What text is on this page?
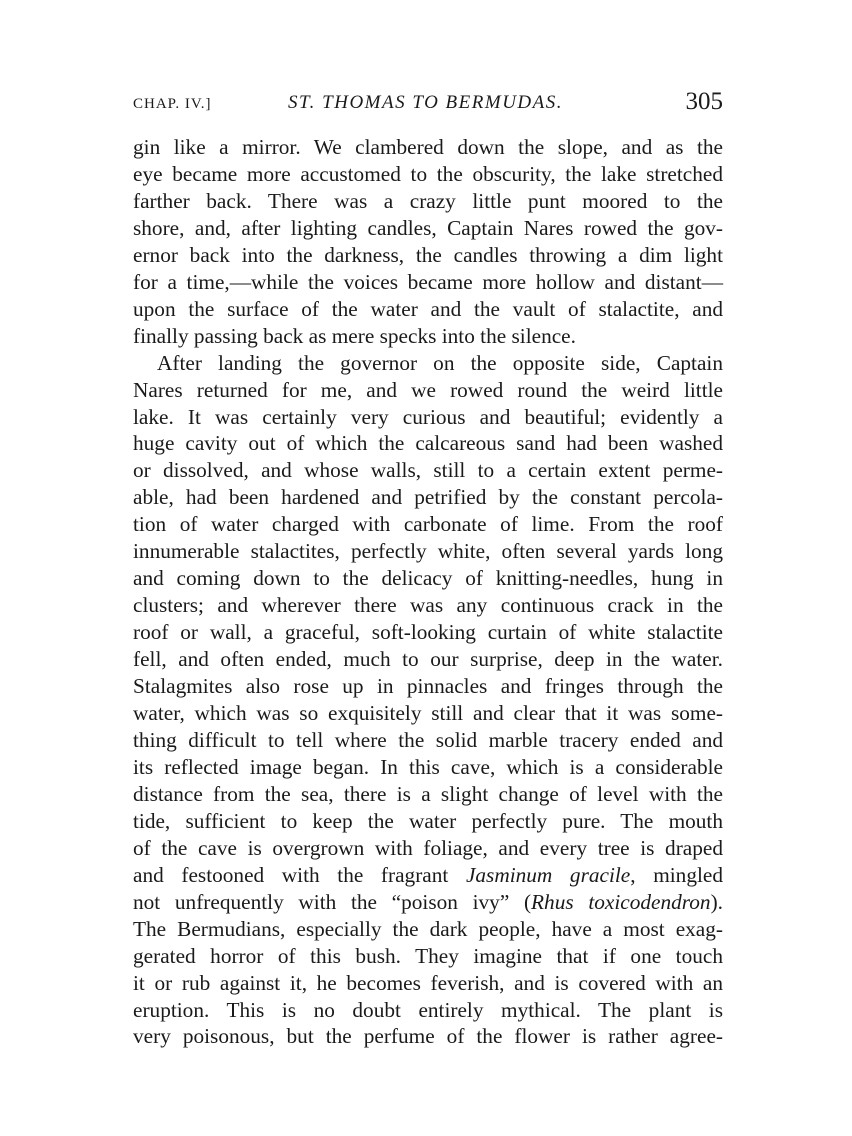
CHAP. IV.]	ST. THOMAS TO BERMUDAS.	305
gin like a mirror. We clambered down the slope, and as the
eye became more accustomed to the obscurity, the lake stretched
farther back. There was a crazy little punt moored to the
shore, and, after lighting candles, Captain Nares rowed the gov-
ernor back into the darkness, the candles throwing a dim light
for a time,—while the voices became more hollow and distant—
upon the surface of the water and the vault of stalactite, and
finally passing back as mere specks into the silence.
After landing the governor on the opposite side, Captain
Nares returned for me, and we rowed round the weird little
lake. It was certainly very curious and beautiful; evidently a
huge cavity out of which the calcareous sand had been washed
or dissolved, and whose walls, still to a certain extent perme-
able, had been hardened and petrified by the constant percola-
tion of water charged with carbonate of lime. From the roof
innumerable stalactites, perfectly white, often several yards long
and coming down to the delicacy of knitting-needles, hung in
clusters; and wherever there was any continuous crack in the
roof or wall, a graceful, soft-looking curtain of white stalactite
fell, and often ended, much to our surprise, deep in the water.
Stalagmites also rose up in pinnacles and fringes through the
water, which was so exquisitely still and clear that it was some-
thing difficult to tell where the solid marble tracery ended and
its reflected image began. In this cave, which is a considerable
distance from the sea, there is a slight change of level with the
tide, sufficient to keep the water perfectly pure. The mouth
of the cave is overgrown with foliage, and every tree is draped
and festooned with the fragrant Jasminum gracile, mingled
not unfrequently with the “poison ivy” (Rhus toxicodendron).
The Bermudians, especially the dark people, have a most exag-
gerated horror of this bush. They imagine that if one touch
it or rub against it, he becomes feverish, and is covered with an
eruption. This is no doubt entirely mythical. The plant is
very poisonous, but the perfume of the flower is rather agree-
